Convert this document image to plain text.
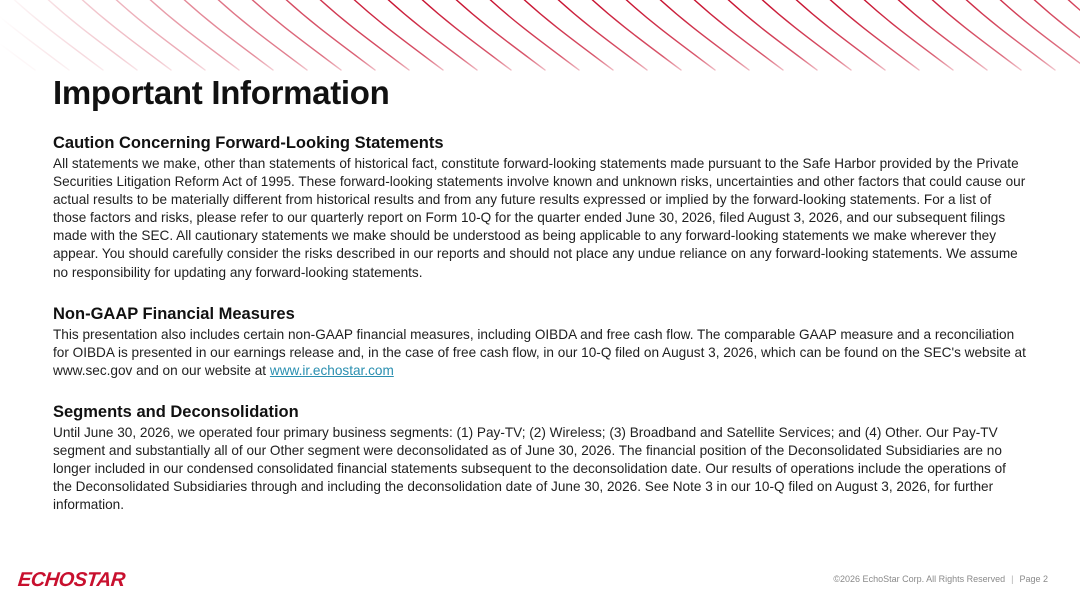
Important Information
Caution Concerning Forward-Looking Statements

All statements we make, other than statements of historical fact, constitute forward-looking statements made pursuant to the Safe Harbor provided by the Private Securities Litigation Reform Act of 1995. These forward-looking statements involve known and unknown risks, uncertainties and other factors that could cause our actual results to be materially different from historical results and from any future results expressed or implied by the forward-looking statements. For a list of those factors and risks, please refer to our quarterly report on Form 10-Q for the quarter ended June 30, 2026, filed August 3, 2026, and our subsequent filings made with the SEC. All cautionary statements we make should be understood as being applicable to any forward-looking statements we make wherever they appear. You should carefully consider the risks described in our reports and should not place any undue reliance on any forward-looking statements. We assume no responsibility for updating any forward-looking statements.

Non-GAAP Financial Measures

This presentation also includes certain non-GAAP financial measures, including OIBDA and free cash flow. The comparable GAAP measure and a reconciliation for OIBDA is presented in our earnings release and, in the case of free cash flow, in our 10-Q filed on August 3, 2026, which can be found on the SEC's website at www.sec.gov and on our website at www.ir.echostar.com

Segments and Deconsolidation

Until June 30, 2026, we operated four primary business segments: (1) Pay-TV; (2) Wireless; (3) Broadband and Satellite Services; and (4) Other. Our Pay-TV segment and substantially all of our Other segment were deconsolidated as of June 30, 2026. The financial position of the Deconsolidated Subsidiaries are no longer included in our condensed consolidated financial statements subsequent to the deconsolidation date. Our results of operations include the operations of the Deconsolidated Subsidiaries through and including the deconsolidation date of June 30, 2026. See Note 3 in our 10-Q filed on August 3, 2026, for further information.

ECHOSTAR	©2026 EchoStar Corp. All Rights Reserved | Page 2
